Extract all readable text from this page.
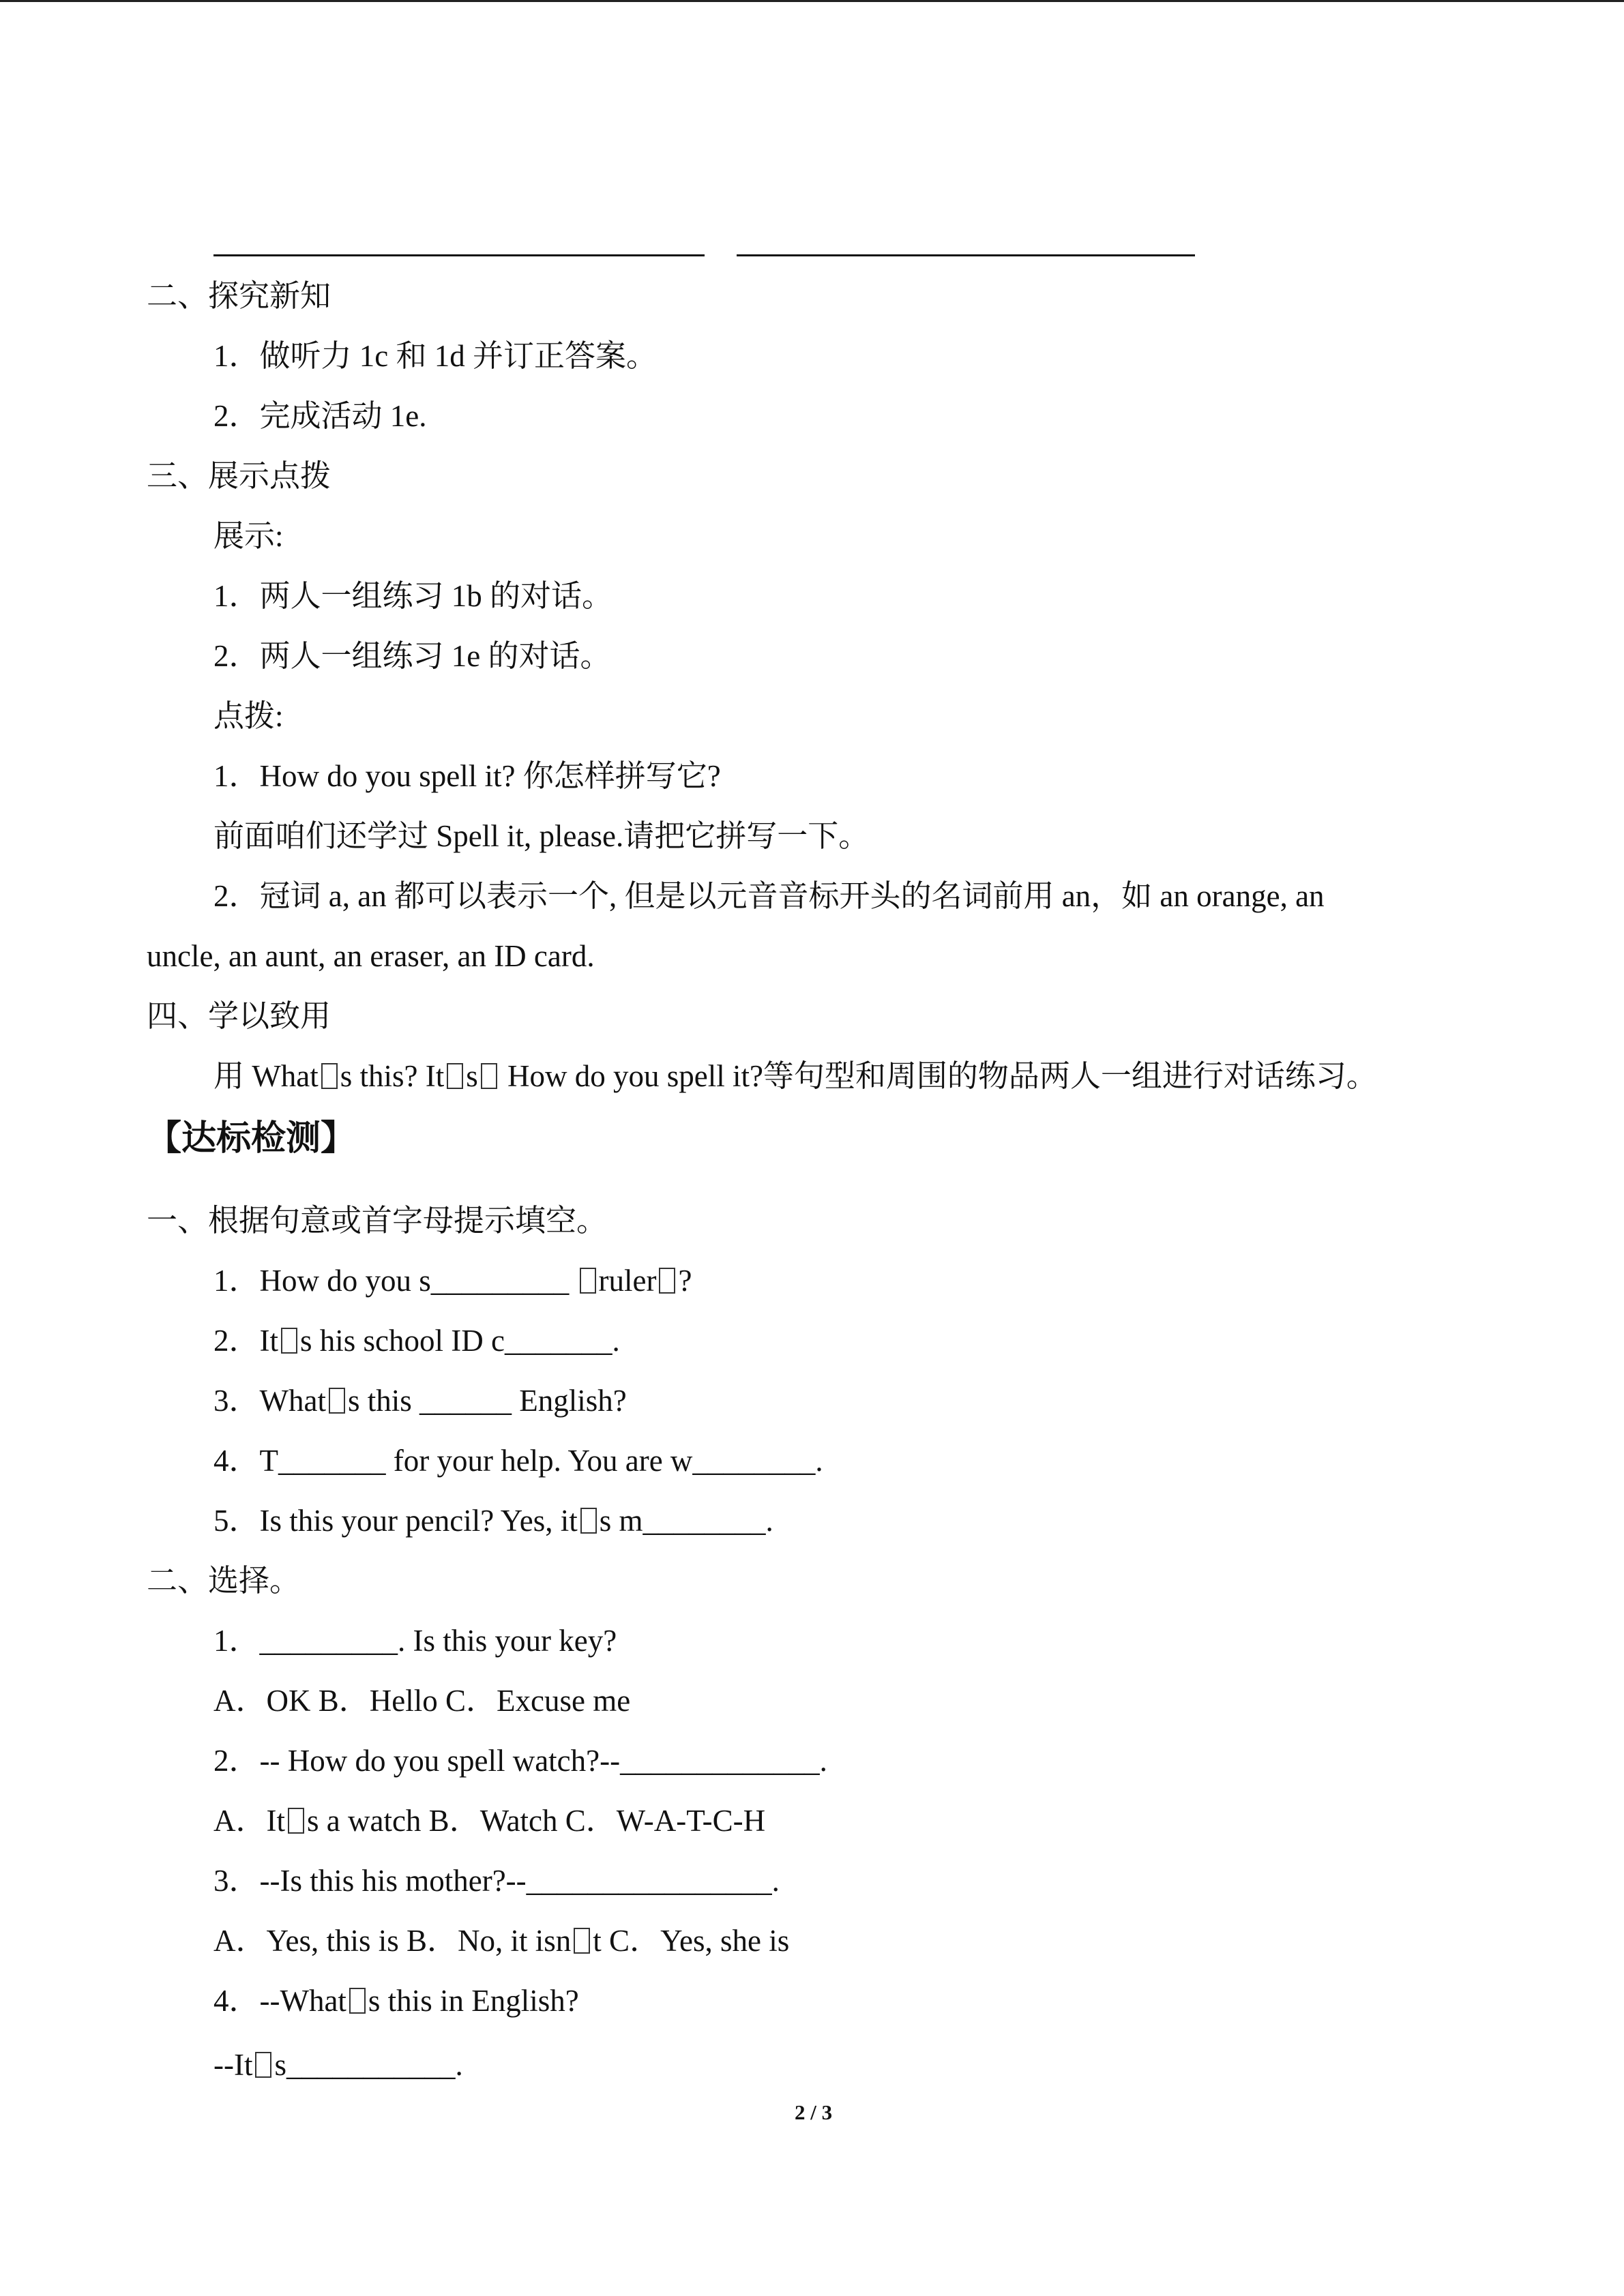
二、探究新知
1．做听力 1c 和 1d 并订正答案。
2．完成活动 1e.
三、展示点拨
展示:
1．两人一组练习 1b 的对话。
2．两人一组练习 1e 的对话。
点拨:
1．How do you spell it? 你怎样拼写它?
前面咱们还学过 Spell it, please.请把它拼写一下。
2．冠词 a, an 都可以表示一个, 但是以元音音标开头的名词前用 an，如 an orange, an
uncle, an aunt, an eraser, an ID card.
四、学以致用
用 What s this? It s How do you spell it?等句型和周围的物品两人一组进行对话练习。
【达标检测】
一、根据句意或首字母提示填空。
1．How do you s_________ ruler ?
2．It s his school ID c_______.
3．What s this ______ English?
4．T_______ for your help. You are w________.
5．Is this your pencil? Yes, it s m________.
二、选择。
1．_________. Is this your key?
A．OK B．Hello C．Excuse me
2．-- How do you spell watch?--_____________.
A．It s a watch B．Watch C．W-A-T-C-H
3．--Is this his mother?--________________.
A．Yes, this is B．No, it isn t C．Yes, she is
4．--What s this in English?
--It s___________.
2 / 3
